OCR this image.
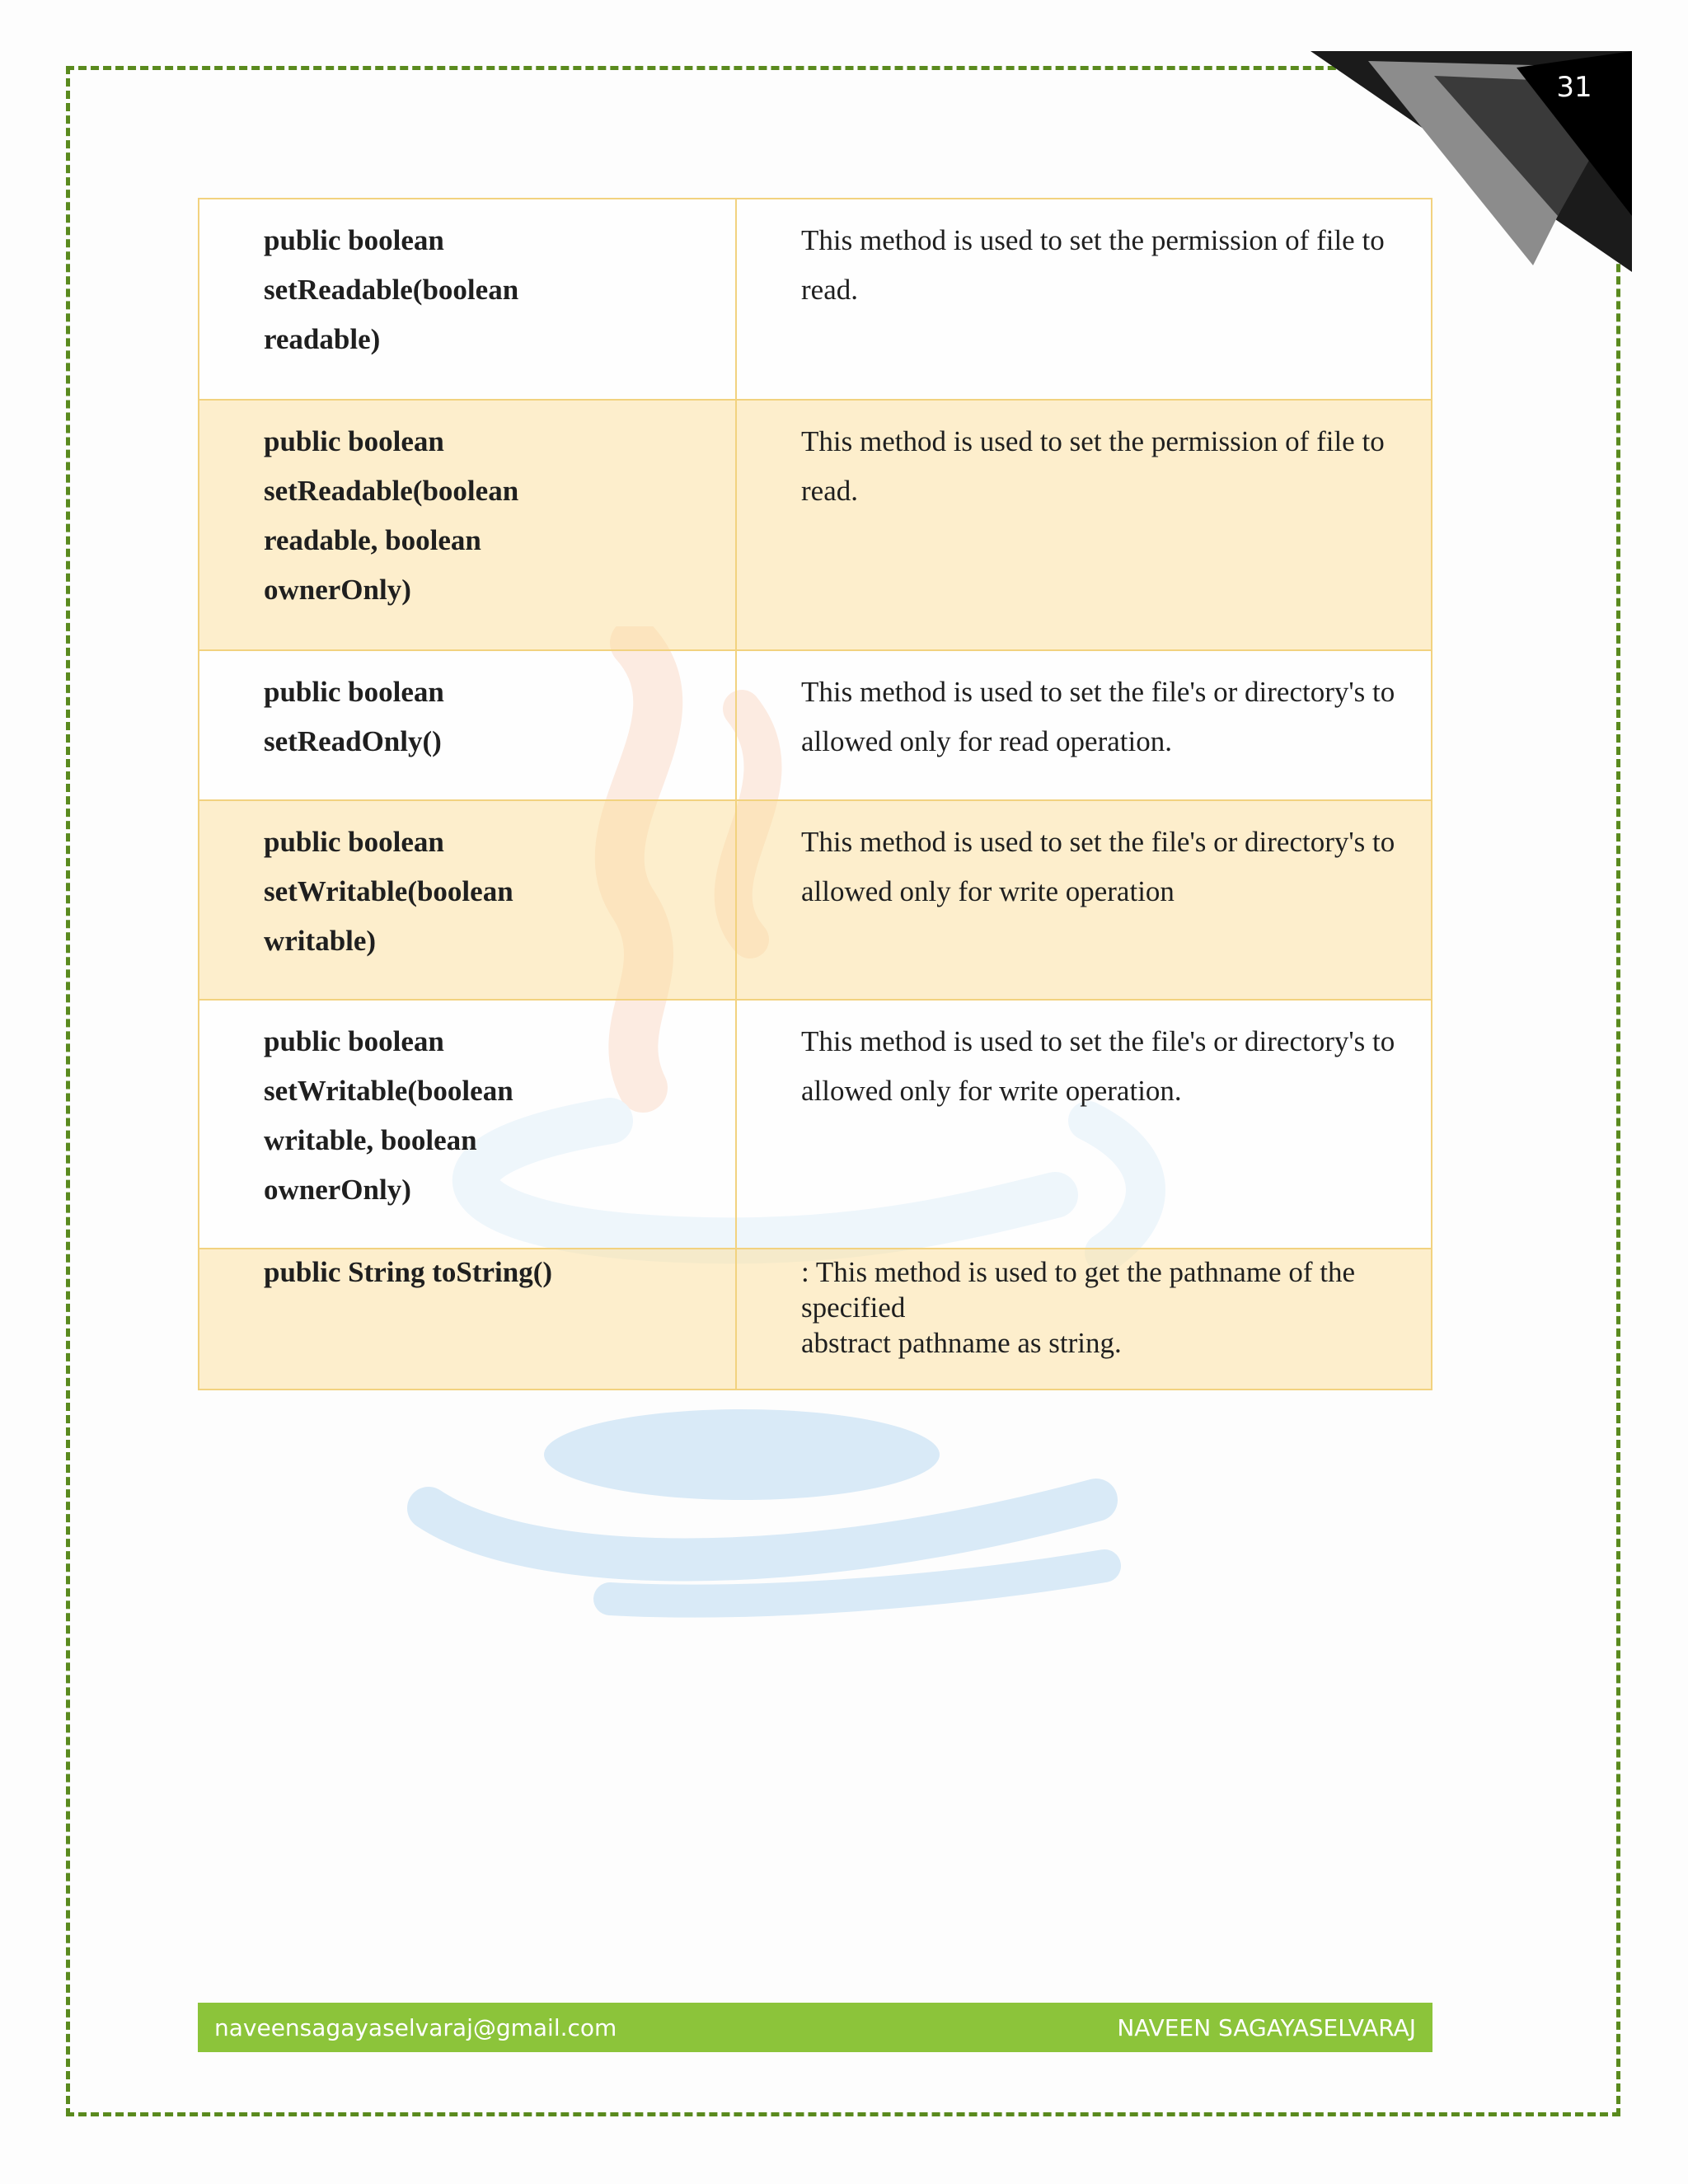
31
public boolean
setReadable(boolean
readable)	This method is used to set the permission of file to read.
public boolean
setReadable(boolean
readable, boolean
ownerOnly)	This method is used to set the permission of file to read.
public boolean
setReadOnly()	This method is used to set the file's or directory's to
allowed only for read operation.
public boolean
setWritable(boolean
writable)	This method is used to set the file's or directory's to
allowed only for write operation
public boolean
setWritable(boolean
writable, boolean
ownerOnly)	This method is used to set the file's or directory's to
allowed only for write operation.
public String toString()	: This method is used to get the pathname of the specified
abstract pathname as string.
naveensagayaselvaraj@gmail.com	NAVEEN SAGAYASELVARAJ
